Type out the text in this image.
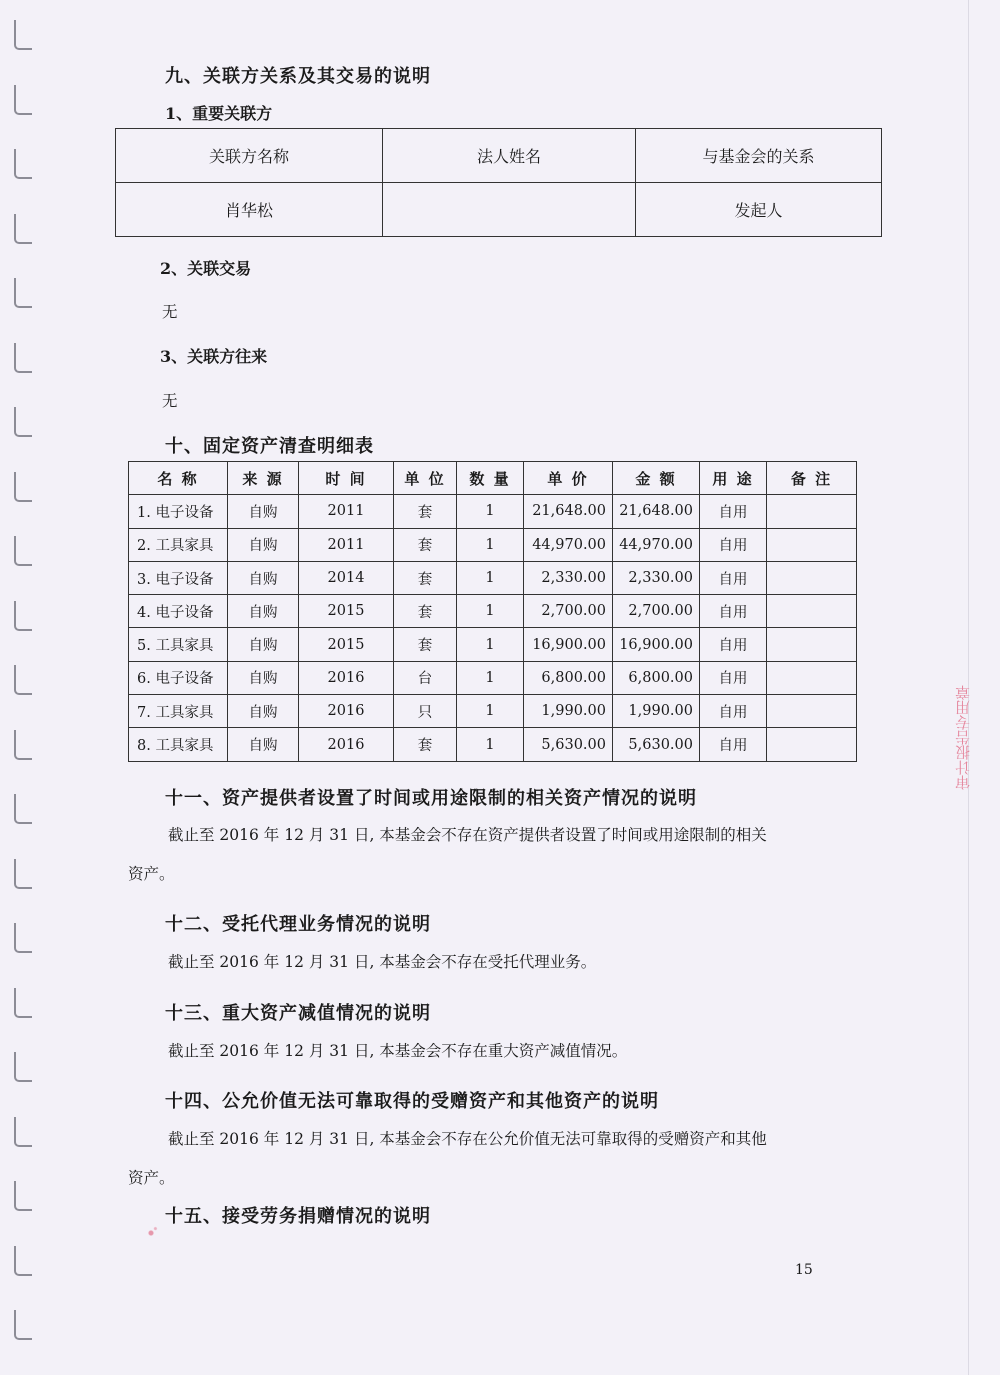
九、关联方关系及其交易的说明
1、重要关联方
关联方名称	法人姓名	与基金会的关系
肖华松		发起人
2、关联交易
无
3、关联方往来
无
十、固定资产清查明细表
名 称	来 源	时 间	单 位	数 量	单 价	金 额	用 途	备 注
1. 电子设备	自购	2011	套	1	21,648.00	21,648.00	自用	
2. 工具家具	自购	2011	套	1	44,970.00	44,970.00	自用	
3. 电子设备	自购	2014	套	1	2,330.00	2,330.00	自用	
4. 电子设备	自购	2015	套	1	2,700.00	2,700.00	自用	
5. 工具家具	自购	2015	套	1	16,900.00	16,900.00	自用	
6. 电子设备	自购	2016	台	1	6,800.00	6,800.00	自用	
7. 工具家具	自购	2016	只	1	1,990.00	1,990.00	自用	
8. 工具家具	自购	2016	套	1	5,630.00	5,630.00	自用	
十一、资产提供者设置了时间或用途限制的相关资产情况的说明
截止至 2016 年 12 月 31 日, 本基金会不存在资产提供者设置了时间或用途限制的相关
资产。
十二、受托代理业务情况的说明
截止至 2016 年 12 月 31 日, 本基金会不存在受托代理业务。
十三、重大资产减值情况的说明
截止至 2016 年 12 月 31 日, 本基金会不存在重大资产减值情况。
十四、公允价值无法可靠取得的受赠资产和其他资产的说明
截止至 2016 年 12 月 31 日, 本基金会不存在公允价值无法可靠取得的受赠资产和其他
资产。
十五、接受劳务捐赠情况的说明
15
审计报告专用章
